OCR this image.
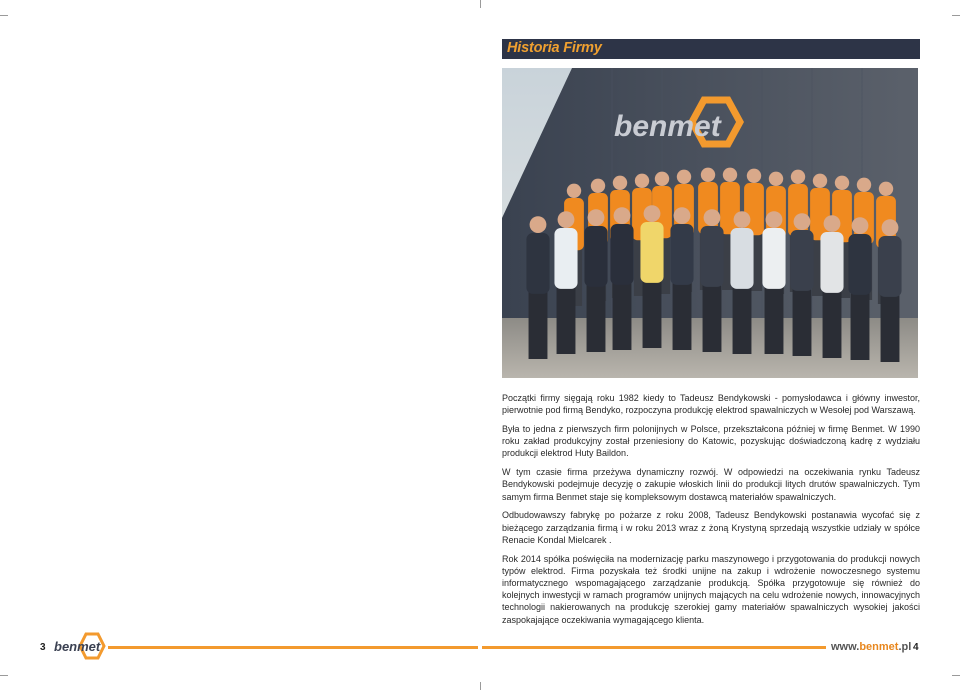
Historia Firmy
benmet

Początki firmy sięgają roku 1982 kiedy to Tadeusz Bendykowski - pomysłodawca i główny inwestor, pierwotnie pod firmą Bendyko, rozpoczyna produkcję elektrod spawalniczych w Wesołej pod Warszawą.

Była to jedna z pierwszych firm polonijnych w Polsce, przekształcona później w firmę Benmet. W 1990 roku zakład produkcyjny został przeniesiony do Katowic, pozyskując doświadczoną kadrę z wydziału produkcji elektrod Huty Baildon.

W tym czasie firma przeżywa dynamiczny rozwój. W odpowiedzi na oczekiwania rynku Tadeusz Bendykowski podejmuje decyzję o zakupie włoskich linii do produkcji litych drutów spawalniczych. Tym samym firma Benmet staje się kompleksowym dostawcą materiałów spawalniczych.

Odbudowawszy fabrykę po pożarze z roku 2008, Tadeusz Bendykowski postanawia wycofać się z bieżącego zarządzania firmą i w roku 2013 wraz z żoną Krystyną sprzedają wszystkie udziały w spółce Renacie Kondal Mielcarek .

Rok 2014 spółka poświęciła na modernizację parku maszynowego i przygotowania do produkcji nowych typów elektrod. Firma pozyskała też środki unijne na zakup i wdrożenie nowoczesnego systemu informatycznego wspomagającego zarządzanie produkcją. Spółka przygotowuje się również do kolejnych inwestycji w ramach programów unijnych mających na celu wdrożenie nowych, innowacyjnych technologii nakierowanych na produkcję szerokiej gamy materiałów spawalniczych wysokiej jakości zaspokajające oczekiwania wymagającego klienta.

3 benmet	www.benmet.pl 4
